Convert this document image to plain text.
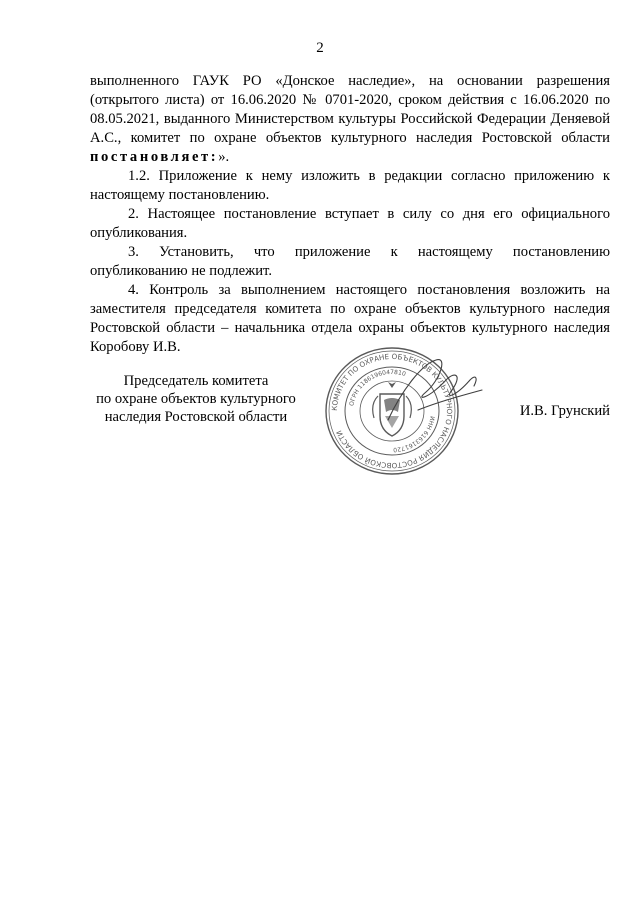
2

выполненного ГАУК РО «Донское наследие», на основании разрешения (открытого листа) от 16.06.2020 № 0701-2020, сроком действия с 16.06.2020 по 08.05.2021, выданного Министерством культуры Российской Федерации Деняевой А.С., комитет по охране объектов культурного наследия Ростовской области постановляет:».

1.2. Приложение к нему изложить в редакции согласно приложению к настоящему постановлению.

2. Настоящее постановление вступает в силу со дня его официального опубликования.

3. Установить, что приложение к настоящему постановлению опубликованию не подлежит.

4. Контроль за выполнением настоящего постановления возложить на заместителя председателя комитета по охране объектов культурного наследия Ростовской области – начальника отдела охраны объектов культурного наследия Коробову И.В.

Председатель комитета
по охране объектов культурного
наследия Ростовской области
КОМИТЕТ ПО ОХРАНЕ ОБЪЕКТОВ КУЛЬТУРНОГО НАСЛЕДИЯ РОСТОВСКОЙ ОБЛАСТИ
ОГРН 1186196047810
ИНН 6163161720
И.В. Грунский
